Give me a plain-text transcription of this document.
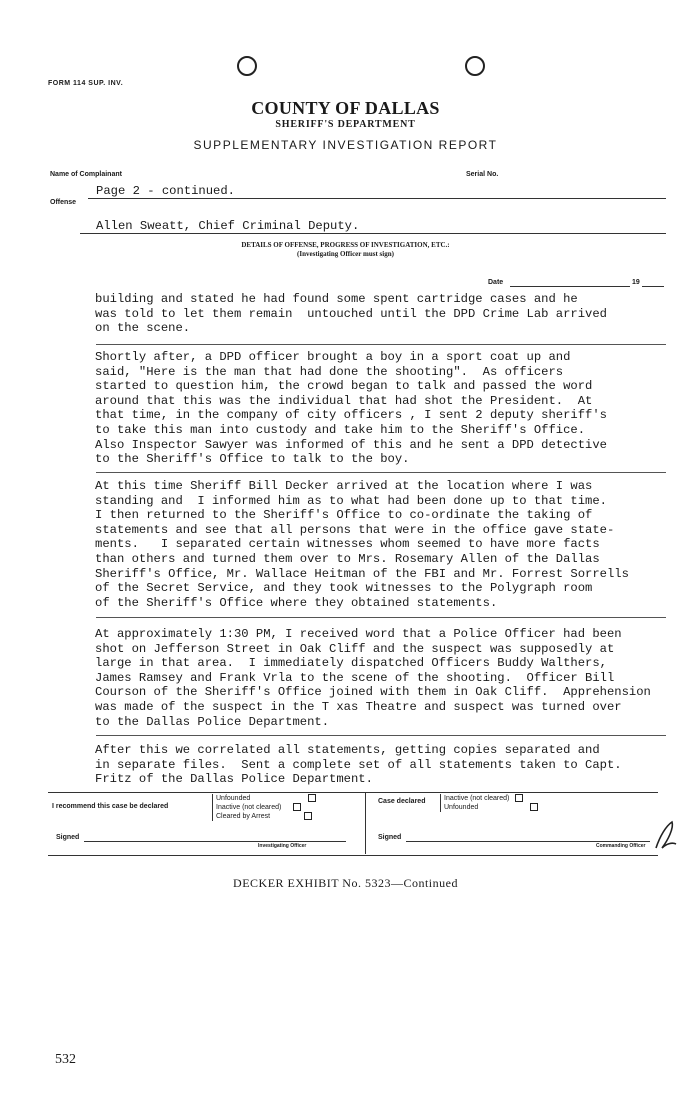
FORM 114 SUP. INV.
COUNTY OF DALLAS
SHERIFF'S DEPARTMENT
SUPPLEMENTARY INVESTIGATION REPORT
Name of Complainant	Serial No.
Page 2 - continued.
Offense
Allen Sweatt, Chief Criminal Deputy.
DETAILS OF OFFENSE, PROGRESS OF INVESTIGATION, ETC.:
(Investigating Officer must sign)
Date	19
building and stated he had found some spent cartridge cases and he
was told to let them remain  untouched until the DPD Crime Lab arrived
on the scene.
Shortly after, a DPD officer brought a boy in a sport coat up and
said, "Here is the man that had done the shooting".  As officers
started to question him, the crowd began to talk and passed the word
around that this was the individual that had shot the President.  At
that time, in the company of city officers , I sent 2 deputy sheriff's
to take this man into custody and take him to the Sheriff's Office.
Also Inspector Sawyer was informed of this and he sent a DPD detective
to the Sheriff's Office to talk to the boy.
At this time Sheriff Bill Decker arrived at the location where I was
standing and  I informed him as to what had been done up to that time.
I then returned to the Sheriff's Office to co-ordinate the taking of
statements and see that all persons that were in the office gave state-
ments.   I separated certain witnesses whom seemed to have more facts
than others and turned them over to Mrs. Rosemary Allen of the Dallas
Sheriff's Office, Mr. Wallace Heitman of the FBI and Mr. Forrest Sorrells
of the Secret Service, and they took witnesses to the Polygraph room
of the Sheriff's Office where they obtained statements.
At approximately 1:30 PM, I received word that a Police Officer had been
shot on Jefferson Street in Oak Cliff and the suspect was supposedly at
large in that area.  I immediately dispatched Officers Buddy Walthers,
James Ramsey and Frank Vrla to the scene of the shooting.  Officer Bill
Courson of the Sheriff's Office joined with them in Oak Cliff.  Apprehension
was made of the suspect in the T xas Theatre and suspect was turned over
to the Dallas Police Department.
After this we correlated all statements, getting copies separated and
in separate files.  Sent a complete set of all statements taken to Capt.
Fritz of the Dallas Police Department.
I recommend this case be declared
Unfounded
Inactive (not cleared)
Cleared by Arrest
Case declared	Inactive (not cleared)
Unfounded
Signed
Investigating Officer
Signed
Commanding Officer
DECKER EXHIBIT No. 5323—Continued
532
